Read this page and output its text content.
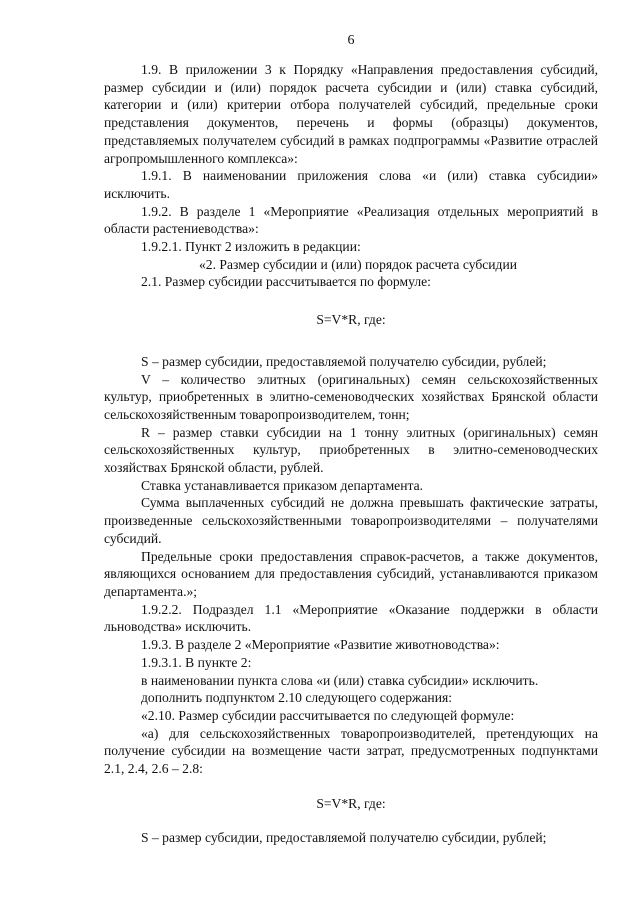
6

1.9. В приложении 3 к Порядку «Направления предоставления субсидий, размер субсидии и (или) порядок расчета субсидии и (или) ставка субсидий, категории и (или) критерии отбора получателей субсидий, предельные сроки представления документов, перечень и формы (образцы) документов, представляемых получателем субсидий в рамках подпрограммы «Развитие отраслей агропромышленного комплекса»:

1.9.1. В наименовании приложения слова «и (или) ставка субсидии» исключить.

1.9.2. В разделе 1 «Мероприятие «Реализация отдельных мероприятий в области растениеводства»:

1.9.2.1. Пункт 2 изложить в редакции:

«2. Размер субсидии и (или) порядок расчета субсидии

2.1. Размер субсидии рассчитывается по формуле:

S=V*R, где:

S – размер субсидии, предоставляемой получателю субсидии, рублей;

V – количество элитных (оригинальных) семян сельскохозяйственных культур, приобретенных в элитно-семеноводческих хозяйствах Брянской области сельскохозяйственным товаропроизводителем, тонн;

R – размер ставки субсидии на 1 тонну элитных (оригинальных) семян сельскохозяйственных культур, приобретенных в элитно-семеноводческих хозяйствах Брянской области, рублей.

Ставка устанавливается приказом департамента.

Сумма выплаченных субсидий не должна превышать фактические затраты, произведенные сельскохозяйственными товаропроизводителями – получателями субсидий.

Предельные сроки предоставления справок-расчетов, а также документов, являющихся основанием для предоставления субсидий, устанавливаются приказом департамента.»;

1.9.2.2. Подраздел 1.1 «Мероприятие «Оказание поддержки в области льноводства» исключить.

1.9.3. В разделе 2 «Мероприятие «Развитие животноводства»:

1.9.3.1. В пункте 2:

в наименовании пункта слова «и (или) ставка субсидии» исключить.

дополнить подпунктом 2.10 следующего содержания:

«2.10. Размер субсидии рассчитывается по следующей формуле:

«а) для сельскохозяйственных товаропроизводителей, претендующих на получение субсидии на возмещение части затрат, предусмотренных подпунктами 2.1, 2.4, 2.6 – 2.8:

S=V*R, где:

S – размер субсидии, предоставляемой получателю субсидии, рублей;
